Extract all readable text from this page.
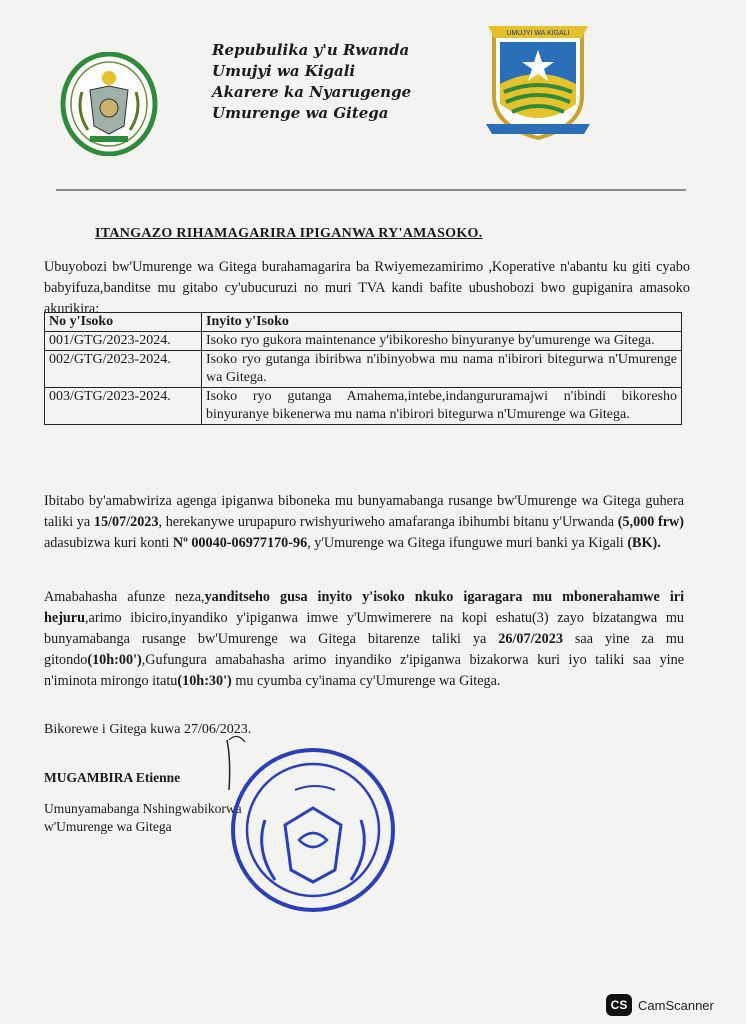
Repubulika y'u Rwanda
Umujyi wa Kigali
Akarere ka Nyarugenge
Umurenge wa Gitega
UMUJYI WA KIGALI
ITANGAZO RIHAMAGARIRA IPIGANWA RY'AMASOKO.
Ubuyobozi bw'Umurenge wa Gitega burahamagarira ba Rwiyemezamirimo ,Koperative n'abantu ku giti cyabo babyifuza,banditse mu gitabo cy'ubucuruzi no muri TVA kandi bafite ubushobozi bwo gupiganira amasoko akurikira:
No y'Isoko	Inyito y'Isoko
001/GTG/2023-2024.	Isoko ryo gukora maintenance y'ibikoresho binyuranye by'umurenge wa Gitega.
002/GTG/2023-2024.	Isoko ryo gutanga ibiribwa n'ibinyobwa mu nama n'ibirori bitegurwa n'Umurenge wa Gitega.
003/GTG/2023-2024.	Isoko ryo gutanga Amahema,intebe,indangururamajwi n'ibindi bikoresho binyuranye bikenerwa mu nama n'ibirori bitegurwa n'Umurenge wa Gitega.
Ibitabo by'amabwiriza agenga ipiganwa biboneka mu bunyamabanga rusange bw'Umurenge wa Gitega guhera taliki ya 15/07/2023, herekanywe urupapuro rwishyuriweho amafaranga ibihumbi bitanu y'Urwanda (5,000 frw) adasubizwa kuri konti Nº 00040-06977170-96, y'Umurenge wa Gitega ifunguwe muri banki ya Kigali (BK).
Amabahasha afunze neza,yanditseho gusa inyito y'isoko nkuko igaragara mu mbonerahamwe iri hejuru,arimo ibiciro,inyandiko y'ipiganwa imwe y'Umwimerere na kopi eshatu(3) zayo bizatangwa mu bunyamabanga rusange bw'Umurenge wa Gitega bitarenze taliki ya 26/07/2023 saa yine za mu gitondo(10h:00'),Gufungura amabahasha arimo inyandiko z'ipiganwa bizakorwa kuri iyo taliki saa yine n'iminota mirongo itatu(10h:30') mu cyumba cy'inama cy'Umurenge wa Gitega.
Bikorewe i Gitega kuwa 27/06/2023.
MUGAMBIRA Etienne
Umunyamabanga Nshingwabikorwa
w'Umurenge wa Gitega
CS CamScanner
